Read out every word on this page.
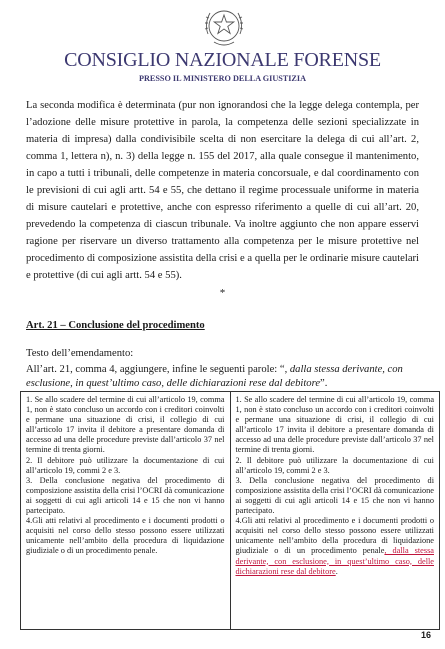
CONSIGLIO NAZIONALE FORENSE
PRESSO IL MINISTERO DELLA GIUSTIZIA
La seconda modifica è determinata (pur non ignorandosi che la legge delega contempla, per l’adozione delle misure protettive in parola, la competenza delle sezioni specializzate in materia di impresa) dalla condivisibile scelta di non esercitare la delega di cui all’art. 2, comma 1, lettera n), n. 3) della legge n. 155 del 2017, alla quale consegue il mantenimento, in capo a tutti i tribunali, delle competenze in materia concorsuale, e dal coordinamento con le previsioni di cui agli artt. 54 e 55, che dettano il regime processuale uniforme in materia di misure cautelari e protettive, anche con espresso riferimento a quelle di cui all’art. 20, prevedendo la competenza di ciascun tribunale. Va inoltre aggiunto che non appare esservi ragione per riservare un diverso trattamento alla competenza per le misure protettive nel procedimento di composizione assistita della crisi e a quella per le ordinarie misure cautelari e protettive (di cui agli artt. 54 e 55).
*
Art. 21 – Conclusione del procedimento
Testo dell’emendamento:
All’art. 21, comma 4, aggiungere, infine le seguenti parole: “, dalla stessa derivante, con esclusione, in quest’ultimo caso, delle dichiarazioni rese dal debitore”.

1. Se allo scadere del termine di cui all’articolo 19, comma 1, non è stato concluso un accordo con i creditori coinvolti e permane una situazione di crisi, il collegio di cui all’articolo 17 invita il debitore a presentare domanda di accesso ad una delle procedure previste dall’articolo 37 nel termine di trenta giorni.

2. Il debitore può utilizzare la documentazione di cui all’articolo 19, commi 2 e 3.

3. Della conclusione negativa del procedimento di composizione assistita della crisi l’OCRI dà comunicazione ai soggetti di cui agli articoli 14 e 15 che non vi hanno partecipato.

4.Gli atti relativi al procedimento e i documenti prodotti o acquisiti nel corso dello stesso possono essere utilizzati unicamente nell’ambito della procedura di liquidazione giudiziale o di un procedimento penale.

1. Se allo scadere del termine di cui all’articolo 19, comma 1, non è stato concluso un accordo con i creditori coinvolti e permane una situazione di crisi, il collegio di cui all’articolo 17 invita il debitore a presentare domanda di accesso ad una delle procedure previste dall’articolo 37 nel termine di trenta giorni.

2. Il debitore può utilizzare la documentazione di cui all’articolo 19, commi 2 e 3.

3. Della conclusione negativa del procedimento di composizione assistita della crisi l’OCRI dà comunicazione ai soggetti di cui agli articoli 14 e 15 che non vi hanno partecipato.

4.Gli atti relativi al procedimento e i documenti prodotti o acquisiti nel corso dello stesso possono essere utilizzati unicamente nell’ambito della procedura di liquidazione giudiziale o di un procedimento penale, dalla stessa derivante, con esclusione, in quest’ultimo caso, delle dichiarazioni rese dal debitore.

16
